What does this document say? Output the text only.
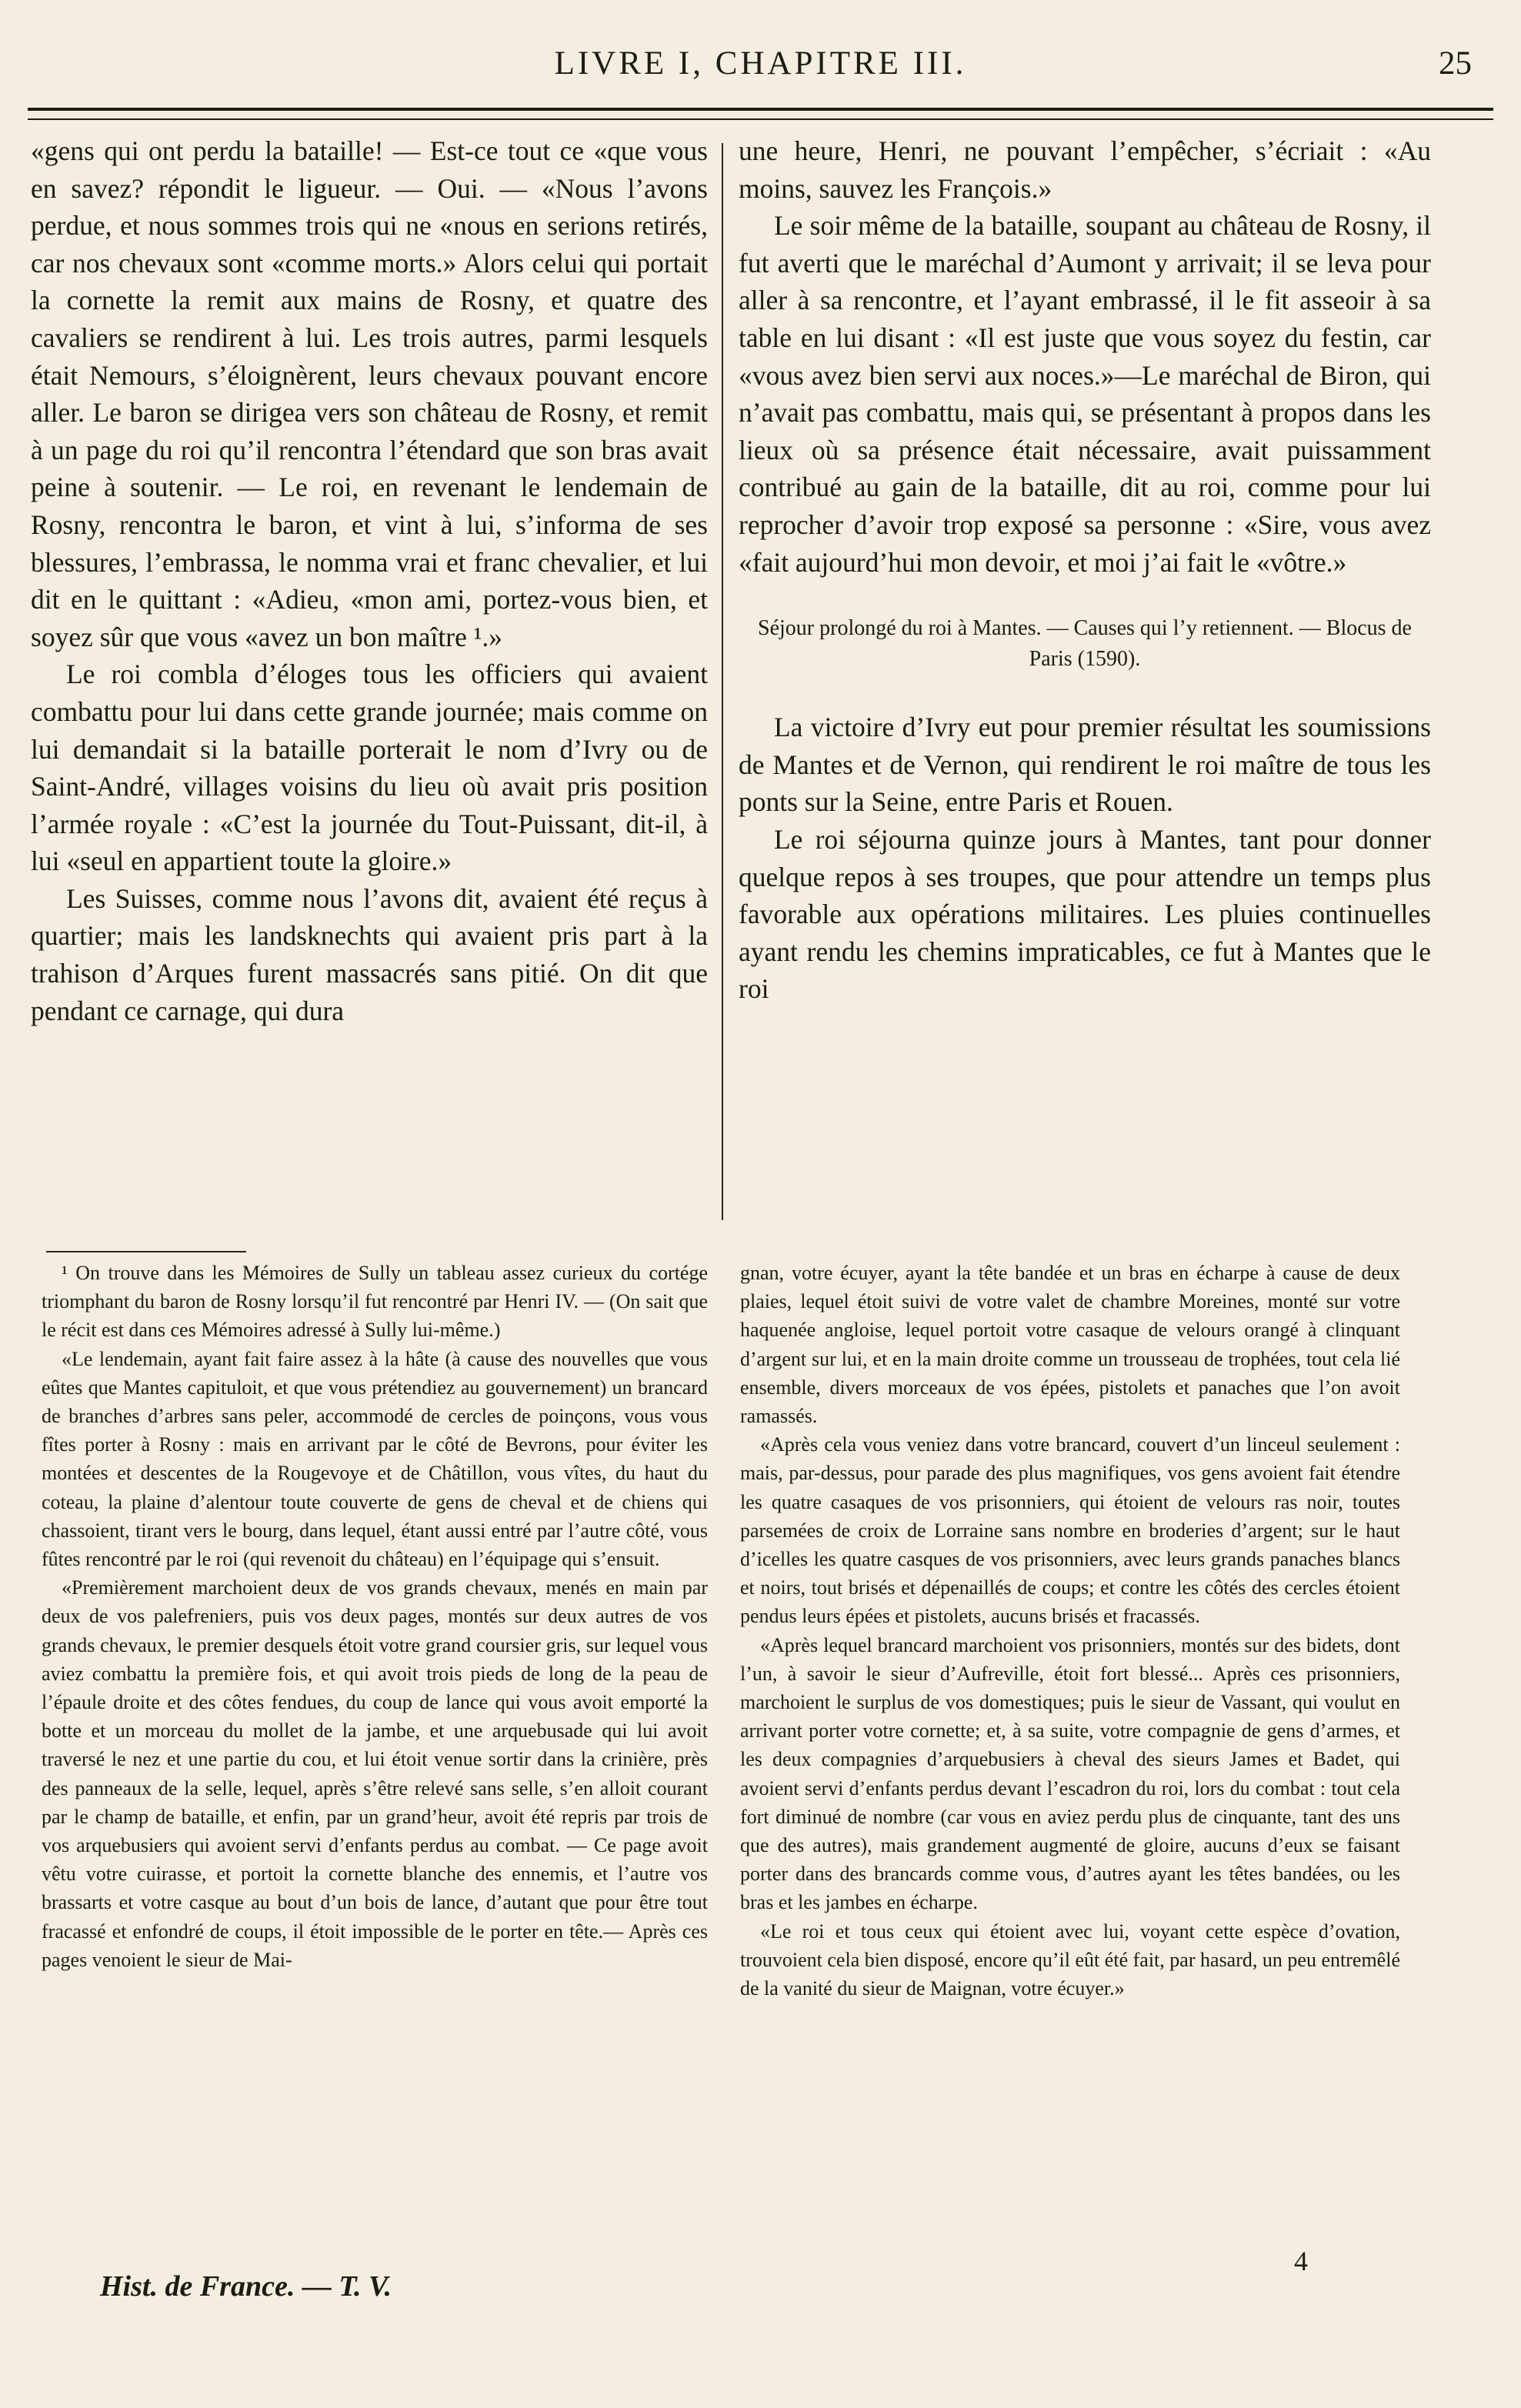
LIVRE I, CHAPITRE III.	25

«gens qui ont perdu la bataille! — Est-ce tout ce «que vous en savez? répondit le ligueur. — Oui. — «Nous l’avons perdue, et nous sommes trois qui ne «nous en serions retirés, car nos chevaux sont «comme morts.» Alors celui qui portait la cornette la remit aux mains de Rosny, et quatre des cavaliers se rendirent à lui. Les trois autres, parmi lesquels était Nemours, s’éloignèrent, leurs chevaux pouvant encore aller. Le baron se dirigea vers son château de Rosny, et remit à un page du roi qu’il rencontra l’étendard que son bras avait peine à soutenir. — Le roi, en revenant le lendemain de Rosny, rencontra le baron, et vint à lui, s’informa de ses blessures, l’embrassa, le nomma vrai et franc chevalier, et lui dit en le quittant : «Adieu, «mon ami, portez-vous bien, et soyez sûr que vous «avez un bon maître ¹.»

Le roi combla d’éloges tous les officiers qui avaient combattu pour lui dans cette grande journée; mais comme on lui demandait si la bataille porterait le nom d’Ivry ou de Saint-André, villages voisins du lieu où avait pris position l’armée royale : «C’est la journée du Tout-Puissant, dit-il, à lui «seul en appartient toute la gloire.»

Les Suisses, comme nous l’avons dit, avaient été reçus à quartier; mais les landsknechts qui avaient pris part à la trahison d’Arques furent massacrés sans pitié. On dit que pendant ce carnage, qui dura

une heure, Henri, ne pouvant l’empêcher, s’écriait : «Au moins, sauvez les François.»

Le soir même de la bataille, soupant au château de Rosny, il fut averti que le maréchal d’Aumont y arrivait; il se leva pour aller à sa rencontre, et l’ayant embrassé, il le fit asseoir à sa table en lui disant : «Il est juste que vous soyez du festin, car «vous avez bien servi aux noces.»—Le maréchal de Biron, qui n’avait pas combattu, mais qui, se présentant à propos dans les lieux où sa présence était nécessaire, avait puissamment contribué au gain de la bataille, dit au roi, comme pour lui reprocher d’avoir trop exposé sa personne : «Sire, vous avez «fait aujourd’hui mon devoir, et moi j’ai fait le «vôtre.»

Séjour prolongé du roi à Mantes. — Causes qui l’y retiennent. — Blocus de Paris (1590).

La victoire d’Ivry eut pour premier résultat les soumissions de Mantes et de Vernon, qui rendirent le roi maître de tous les ponts sur la Seine, entre Paris et Rouen.

Le roi séjourna quinze jours à Mantes, tant pour donner quelque repos à ses troupes, que pour attendre un temps plus favorable aux opérations militaires. Les pluies continuelles ayant rendu les chemins impraticables, ce fut à Mantes que le roi

¹ On trouve dans les Mémoires de Sully un tableau assez curieux du cortége triomphant du baron de Rosny lorsqu’il fut rencontré par Henri IV. — (On sait que le récit est dans ces Mémoires adressé à Sully lui-même.)

«Le lendemain, ayant fait faire assez à la hâte (à cause des nouvelles que vous eûtes que Mantes capituloit, et que vous prétendiez au gouvernement) un brancard de branches d’arbres sans peler, accommodé de cercles de poinçons, vous vous fîtes porter à Rosny : mais en arrivant par le côté de Bevrons, pour éviter les montées et descentes de la Rougevoye et de Châtillon, vous vîtes, du haut du coteau, la plaine d’alentour toute couverte de gens de cheval et de chiens qui chassoient, tirant vers le bourg, dans lequel, étant aussi entré par l’autre côté, vous fûtes rencontré par le roi (qui revenoit du château) en l’équipage qui s’ensuit.

«Premièrement marchoient deux de vos grands chevaux, menés en main par deux de vos palefreniers, puis vos deux pages, montés sur deux autres de vos grands chevaux, le premier desquels étoit votre grand coursier gris, sur lequel vous aviez combattu la première fois, et qui avoit trois pieds de long de la peau de l’épaule droite et des côtes fendues, du coup de lance qui vous avoit emporté la botte et un morceau du mollet de la jambe, et une arquebusade qui lui avoit traversé le nez et une partie du cou, et lui étoit venue sortir dans la crinière, près des panneaux de la selle, lequel, après s’être relevé sans selle, s’en alloit courant par le champ de bataille, et enfin, par un grand’heur, avoit été repris par trois de vos arquebusiers qui avoient servi d’enfants perdus au combat. — Ce page avoit vêtu votre cuirasse, et portoit la cornette blanche des ennemis, et l’autre vos brassarts et votre casque au bout d’un bois de lance, d’autant que pour être tout fracassé et enfondré de coups, il étoit impossible de le porter en tête.— Après ces pages venoient le sieur de Mai-

gnan, votre écuyer, ayant la tête bandée et un bras en écharpe à cause de deux plaies, lequel étoit suivi de votre valet de chambre Moreines, monté sur votre haquenée angloise, lequel portoit votre casaque de velours orangé à clinquant d’argent sur lui, et en la main droite comme un trousseau de trophées, tout cela lié ensemble, divers morceaux de vos épées, pistolets et panaches que l’on avoit ramassés.

«Après cela vous veniez dans votre brancard, couvert d’un linceul seulement : mais, par-dessus, pour parade des plus magnifiques, vos gens avoient fait étendre les quatre casaques de vos prisonniers, qui étoient de velours ras noir, toutes parsemées de croix de Lorraine sans nombre en broderies d’argent; sur le haut d’icelles les quatre casques de vos prisonniers, avec leurs grands panaches blancs et noirs, tout brisés et dépenaillés de coups; et contre les côtés des cercles étoient pendus leurs épées et pistolets, aucuns brisés et fracassés.

«Après lequel brancard marchoient vos prisonniers, montés sur des bidets, dont l’un, à savoir le sieur d’Aufreville, étoit fort blessé... Après ces prisonniers, marchoient le surplus de vos domestiques; puis le sieur de Vassant, qui voulut en arrivant porter votre cornette; et, à sa suite, votre compagnie de gens d’armes, et les deux compagnies d’arquebusiers à cheval des sieurs James et Badet, qui avoient servi d’enfants perdus devant l’escadron du roi, lors du combat : tout cela fort diminué de nombre (car vous en aviez perdu plus de cinquante, tant des uns que des autres), mais grandement augmenté de gloire, aucuns d’eux se faisant porter dans des brancards comme vous, d’autres ayant les têtes bandées, ou les bras et les jambes en écharpe.

«Le roi et tous ceux qui étoient avec lui, voyant cette espèce d’ovation, trouvoient cela bien disposé, encore qu’il eût été fait, par hasard, un peu entremêlé de la vanité du sieur de Maignan, votre écuyer.»

Hist. de France. — T. V.
4
